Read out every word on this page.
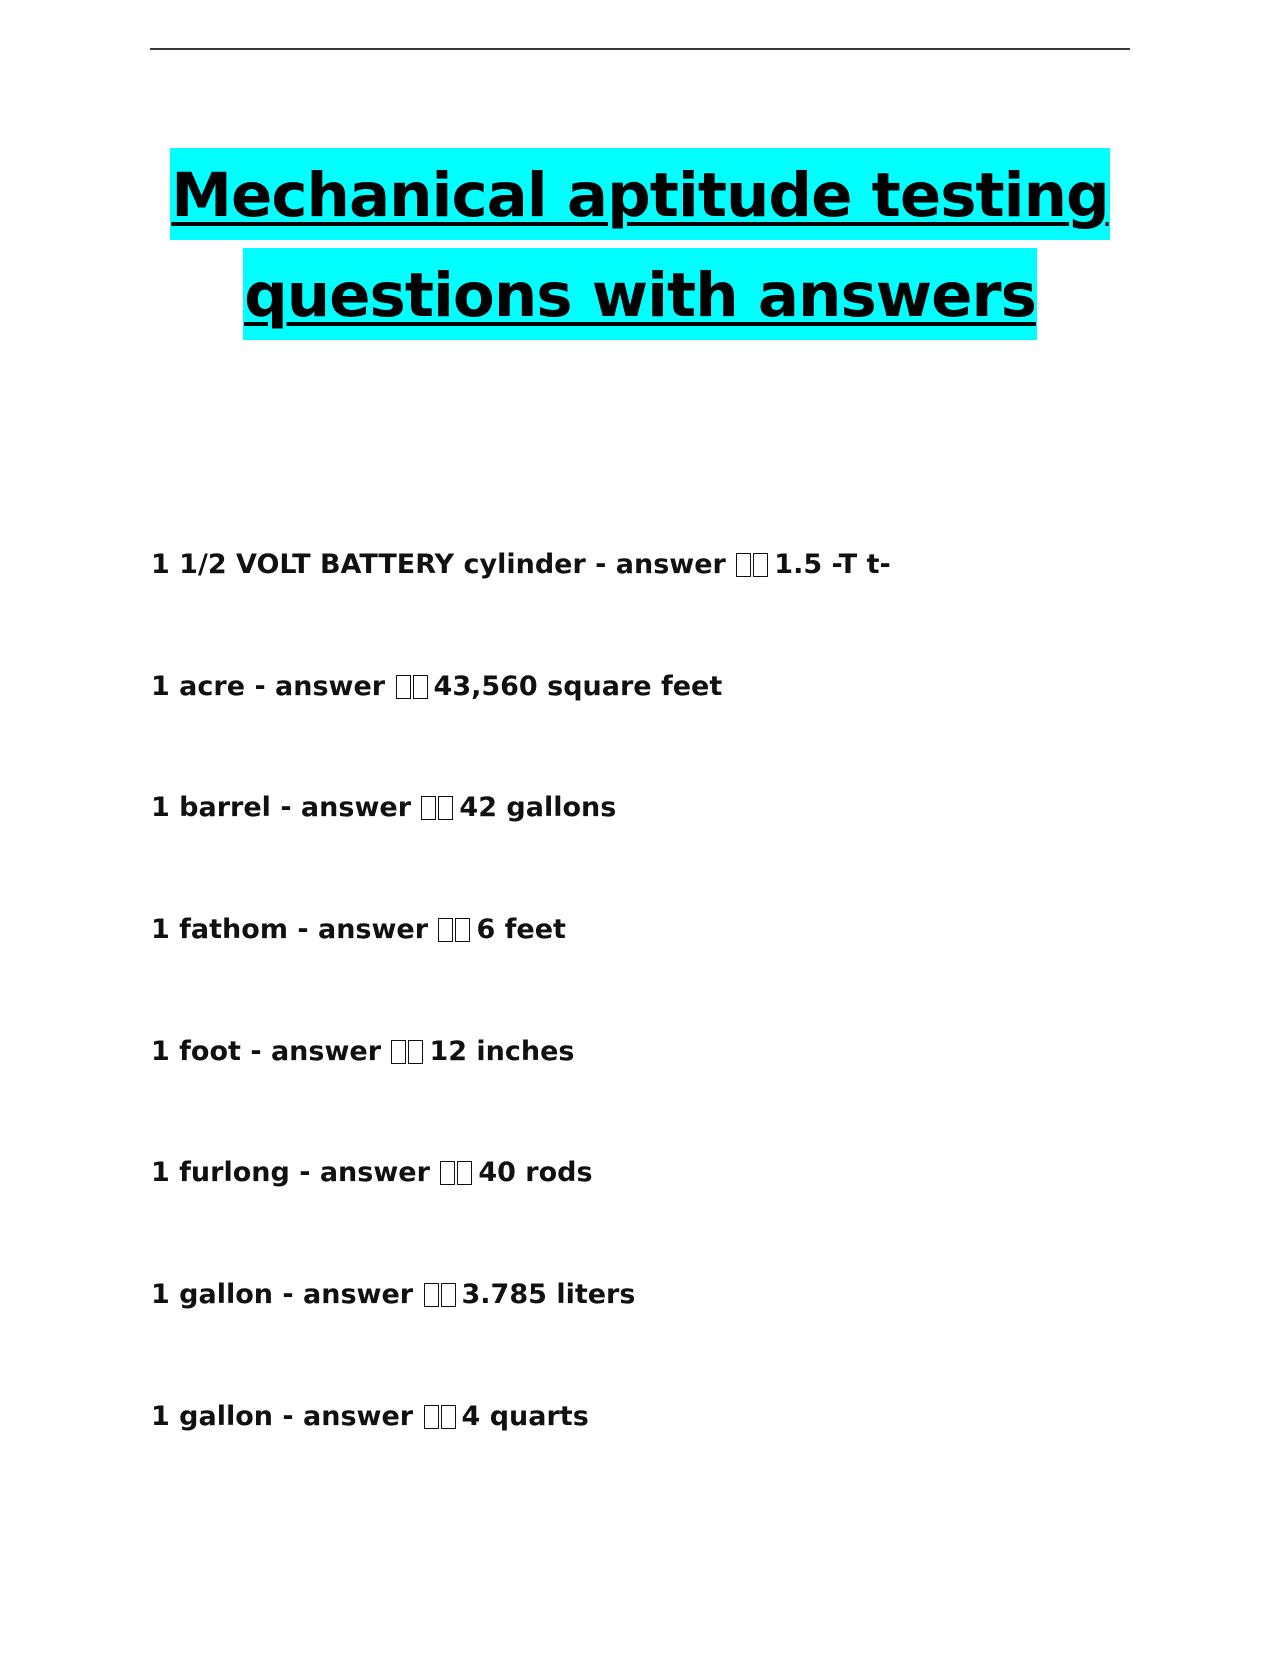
Mechanical aptitude testing
questions with answers
1 1/2 VOLT BATTERY cylinder - answer 1.5 -T t-
1 acre - answer 43,560 square feet
1 barrel - answer 42 gallons
1 fathom - answer 6 feet
1 foot - answer 12 inches
1 furlong - answer 40 rods
1 gallon - answer 3.785 liters
1 gallon - answer 4 quarts
